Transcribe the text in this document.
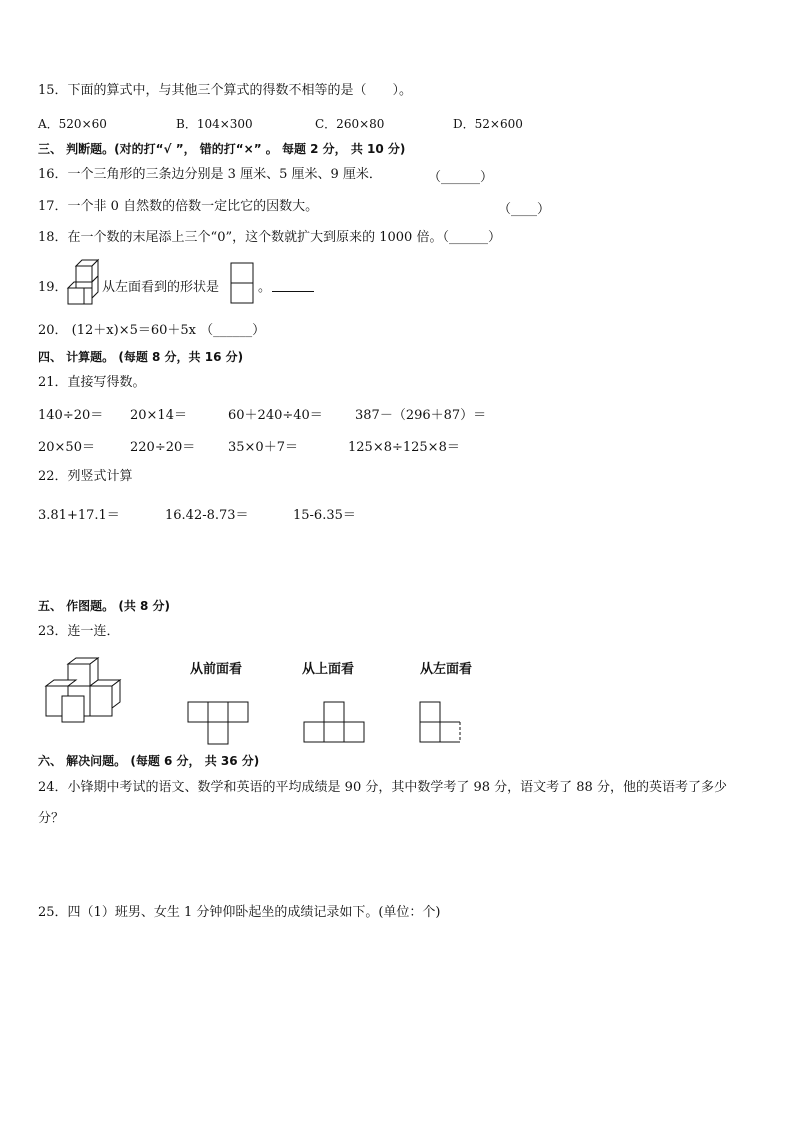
15．下面的算式中，与其他三个算式的得数不相等的是（　　）。
A．520×60	B．104×300	C．260×80	D．52×600
三、 判断题。(对的打“√ ”， 错的打“×” 。 每题 2 分， 共 10 分)
16．一个三角形的三条边分别是 3 厘米、5 厘米、9 厘米．	（______）
17．一个非 0 自然数的倍数一定比它的因数大。	（____）
18．在一个数的末尾添上三个“0”，这个数就扩大到原来的 1000 倍。（______）
19．	从左面看到的形状是	。
20． (12＋x)×5＝60＋5x （______）
四、 计算题。 (每题 8 分，共 16 分)
21．直接写得数。
140÷20＝ 20×14＝	60＋240÷40＝ 387－（296＋87）＝
20×50＝	220÷20＝	35×0＋7＝	125×8÷125×8＝
22．列竖式计算
3.81+17.1＝	16.42-8.73＝	15-6.35＝
五、 作图题。 (共 8 分)
23．连一连．
从前面看	从上面看	从左面看
六、 解决问题。 (每题 6 分， 共 36 分)
24．小锋期中考试的语文、数学和英语的平均成绩是 90 分，其中数学考了 98 分，语文考了 88 分，他的英语考了多少
分？
25．四（1）班男、女生 1 分钟仰卧起坐的成绩记录如下。(单位：个)
